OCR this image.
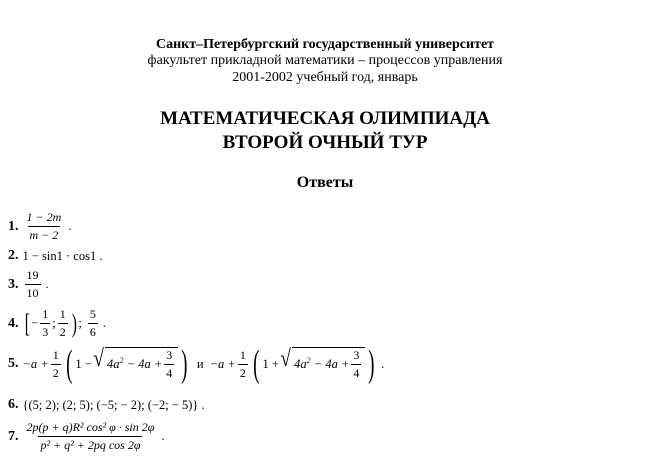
Санкт–Петербургский государственный университет
факультет прикладной математики – процессов управления
2001-2002 учебный год, январь
МАТЕМАТИЧЕСКАЯ ОЛИМПИАДА
ВТОРОЙ ОЧНЫЙ ТУР
Ответы
1. $\frac{1 - 2m}{m - 2}$ .
2. 1 − sin1 · cos1 .
3. $\frac{19}{10}$ .
4. [ − $\frac{1}{3}$ ; $\frac{1}{2}$ ) ; $\frac{5}{6}$ .
5. $-a + \frac{1}{2}$ ( 1 − √ $4a^2 - 4a + \frac{3}{4}$ ) $и -a + \frac{1}{2}$ ( 1 + √ $4a^2 - 4a + \frac{3}{4}$ ) .
6. {(5; 2); (2; 5); (−5; − 2); (−2; − 5)} .
7. $\frac{\text{2p(p + q)R² cos² φ · sin 2φ}}{\text{p² + q² + 2pq cos 2φ}}$ .
